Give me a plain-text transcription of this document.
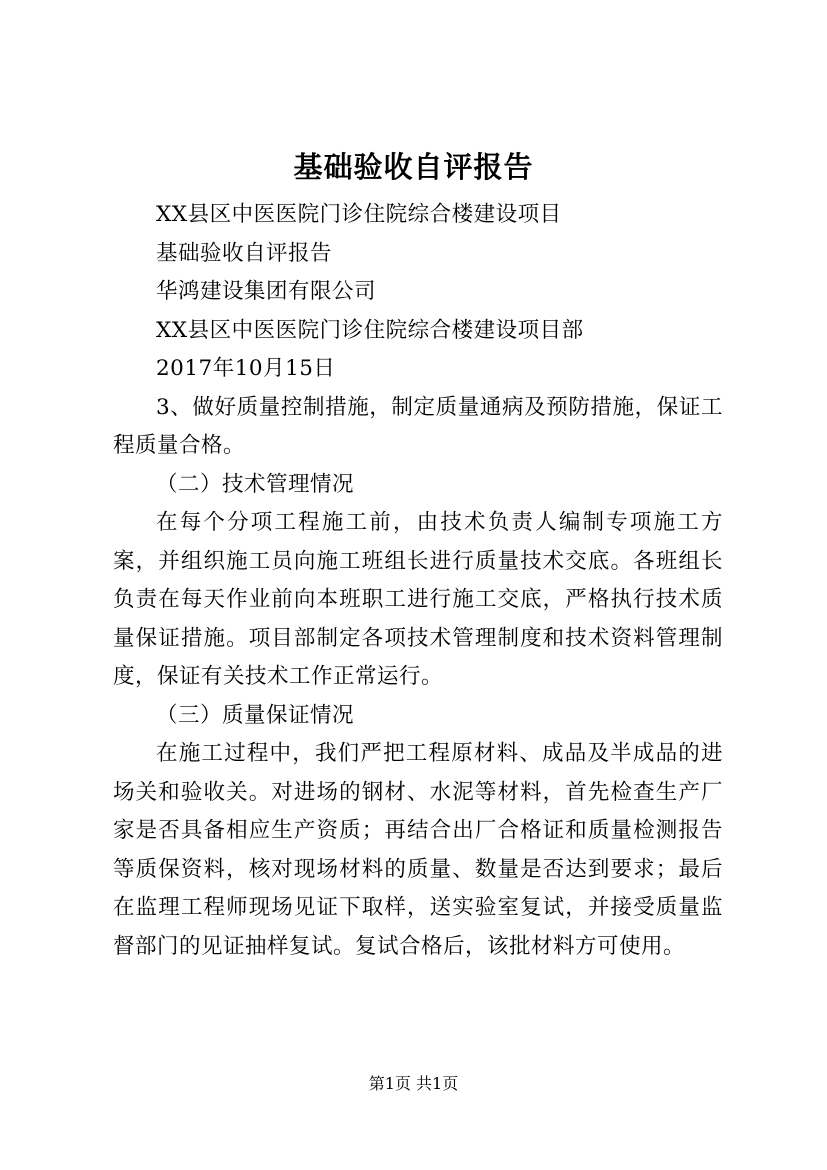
基础验收自评报告

XX县区中医医院门诊住院综合楼建设项目

基础验收自评报告

华鸿建设集团有限公司

XX县区中医医院门诊住院综合楼建设项目部

2017年10月15日

3、做好质量控制措施，制定质量通病及预防措施，保证工程质量合格。

（二）技术管理情况

在每个分项工程施工前，由技术负责人编制专项施工方案，并组织施工员向施工班组长进行质量技术交底。各班组长负责在每天作业前向本班职工进行施工交底，严格执行技术质量保证措施。项目部制定各项技术管理制度和技术资料管理制度，保证有关技术工作正常运行。

（三）质量保证情况

在施工过程中，我们严把工程原材料、成品及半成品的进场关和验收关。对进场的钢材、水泥等材料，首先检查生产厂家是否具备相应生产资质；再结合出厂合格证和质量检测报告等质保资料，核对现场材料的质量、数量是否达到要求；最后在监理工程师现场见证下取样，送实验室复试，并接受质量监督部门的见证抽样复试。复试合格后，该批材料方可使用。

第1页 共1页
